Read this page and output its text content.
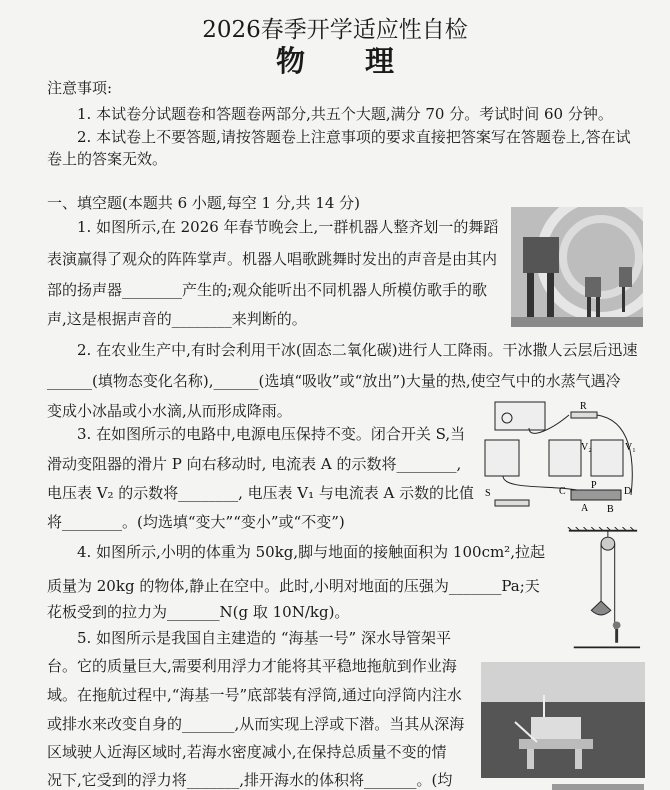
2026春季开学适应性自检
物理
注意事项:
1. 本试卷分试题卷和答题卷两部分,共五个大题,满分 70 分。考试时间 60 分钟。
2. 本试卷上不要答题,请按答题卷上注意事项的要求直接把答案写在答题卷上,答在试
卷上的答案无效。
一、填空题(本题共 6 小题,每空 1 分,共 14 分)
1. 如图所示,在 2026 年春节晚会上,一群机器人整齐划一的舞蹈
表演赢得了观众的阵阵掌声。机器人唱歌跳舞时发出的声音是由其内
部的扬声器________产生的;观众能听出不同机器人所模仿歌手的歌
声,这是根据声音的________来判断的。
2. 在农业生产中,有时会利用干冰(固态二氧化碳)进行人工降雨。干冰撒人云层后迅速
______(填物态变化名称),______(选填“吸收”或“放出”)大量的热,使空气中的水蒸气遇冷
变成小冰晶或小水滴,从而形成降雨。
3. 在如图所示的电路中,电源电压保持不变。闭合开关 S,当
滑动变阻器的滑片 P 向右移动时, 电流表 A 的示数将________,
电压表 V₂ 的示数将________, 电压表 V₁ 与电流表 A 示数的比值
将________。(均选填“变大”“变小”或“不变”)
4. 如图所示,小明的体重为 50kg,脚与地面的接触面积为 100cm²,拉起
质量为 20kg 的物体,静止在空中。此时,小明对地面的压强为_______Pa;天
花板受到的拉力为_______N(g 取 10N/kg)。
5. 如图所示是我国自主建造的 “海基一号” 深水导管架平
台。它的质量巨大,需要利用浮力才能将其平稳地拖航到作业海
域。在拖航过程中,“海基一号”底部装有浮筒,通过向浮筒内注水
或排水来改变自身的_______,从而实现上浮或下潜。当其从深海
区域驶人近海区域时,若海水密度减小,在保持总质量不变的情
况下,它受到的浮力将_______,排开海水的体积将_______。(均
R
V₂	V₁
S	C
P
D
A B
